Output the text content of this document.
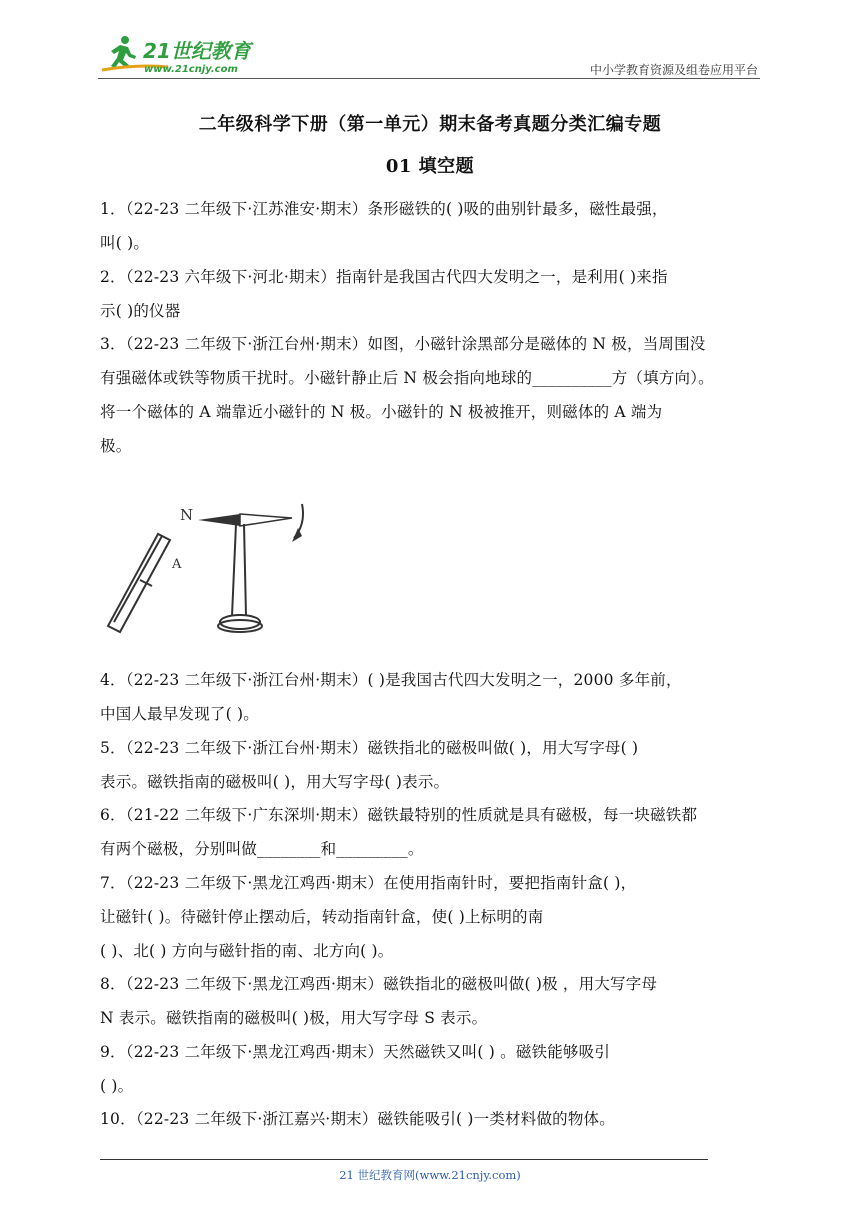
21世纪教育
www.21cnjy.com	中小学教育资源及组卷应用平台
二年级科学下册（第一单元）期末备考真题分类汇编专题
01 填空题

1．（22-23 二年级下·江苏淮安·期末）条形磁铁的( )吸的曲别针最多，磁性最强，

叫( )。

2．（22-23 六年级下·河北·期末）指南针是我国古代四大发明之一，是利用( )来指

示( )的仪器

3．（22-23 二年级下·浙江台州·期末）如图，小磁针涂黑部分是磁体的 N 极，当周围没

有强磁体或铁等物质干扰时。小磁针静止后 N 极会指向地球的__________方（填方向）。

将一个磁体的 A 端靠近小磁针的 N 极。小磁针的 N 极被推开，则磁体的 A 端为

极。

A
N

4．（22-23 二年级下·浙江台州·期末）( )是我国古代四大发明之一，2000 多年前，

中国人最早发现了( )。

5．（22-23 二年级下·浙江台州·期末）磁铁指北的磁极叫做( )，用大写字母( )

表示。磁铁指南的磁极叫( )，用大写字母( )表示。

6．（21-22 二年级下·广东深圳·期末）磁铁最特别的性质就是具有磁极，每一块磁铁都

有两个磁极，分别叫做________和_________。

7．（22-23 二年级下·黑龙江鸡西·期末）在使用指南针时，要把指南针盒( )，

让磁针( )。待磁针停止摆动后，转动指南针盒，使( )上标明的南

( )、北( ) 方向与磁针指的南、北方向( )。

8．（22-23 二年级下·黑龙江鸡西·期末）磁铁指北的磁极叫做( )极 ，用大写字母

N 表示。磁铁指南的磁极叫( )极，用大写字母 S 表示。

9．（22-23 二年级下·黑龙江鸡西·期末）天然磁铁又叫( ) 。磁铁能够吸引

( )。

10．（22-23 二年级下·浙江嘉兴·期末）磁铁能吸引( )一类材料做的物体。

21 世纪教育网(www.21cnjy.com)
